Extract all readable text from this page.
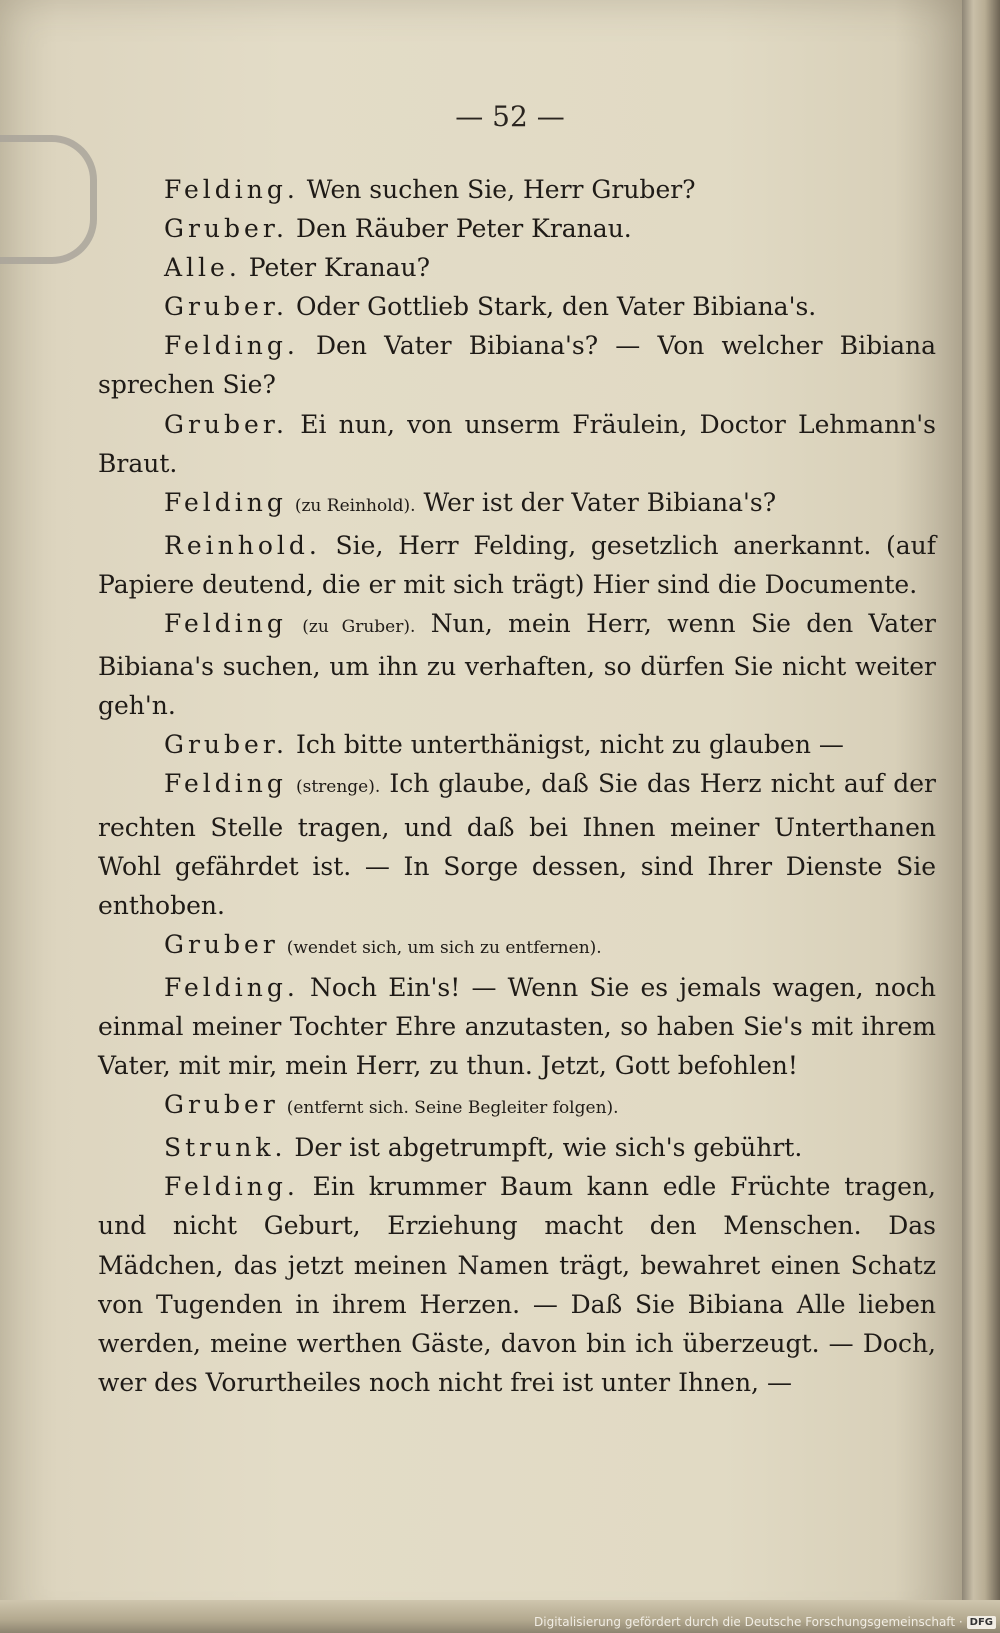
— 52 —

Felding. Wen suchen Sie, Herr Gruber?

Gruber. Den Räuber Peter Kranau.

Alle. Peter Kranau?

Gruber. Oder Gottlieb Stark, den Vater Bibiana's.

Felding. Den Vater Bibiana's? — Von welcher Bibiana sprechen Sie?

Gruber. Ei nun, von unserm Fräulein, Doctor Lehmann's Braut.

Felding (zu Reinhold). Wer ist der Vater Bibiana's?

Reinhold. Sie, Herr Felding, gesetzlich anerkannt. (auf Papiere deutend, die er mit sich trägt) Hier sind die Documente.

Felding (zu Gruber). Nun, mein Herr, wenn Sie den Vater Bibiana's suchen, um ihn zu verhaften, so dürfen Sie nicht weiter geh'n.

Gruber. Ich bitte unterthänigst, nicht zu glauben —

Felding (strenge). Ich glaube, daß Sie das Herz nicht auf der rechten Stelle tragen, und daß bei Ihnen meiner Unterthanen Wohl gefährdet ist. — In Sorge dessen, sind Ihrer Dienste Sie enthoben.

Gruber (wendet sich, um sich zu entfernen).

Felding. Noch Ein's! — Wenn Sie es jemals wagen, noch einmal meiner Tochter Ehre anzutasten, so haben Sie's mit ihrem Vater, mit mir, mein Herr, zu thun. Jetzt, Gott befohlen!

Gruber (entfernt sich. Seine Begleiter folgen).

Strunk. Der ist abgetrumpft, wie sich's gebührt.

Felding. Ein krummer Baum kann edle Früchte tragen, und nicht Geburt, Erziehung macht den Menschen. Das Mädchen, das jetzt meinen Namen trägt, bewahret einen Schatz von Tugenden in ihrem Herzen. — Daß Sie Bibiana Alle lieben werden, meine werthen Gäste, davon bin ich überzeugt. — Doch, wer des Vorurtheiles noch nicht frei ist unter Ihnen, —

Digitalisierung gefördert durch die Deutsche Forschungsgemeinschaft · DFG
